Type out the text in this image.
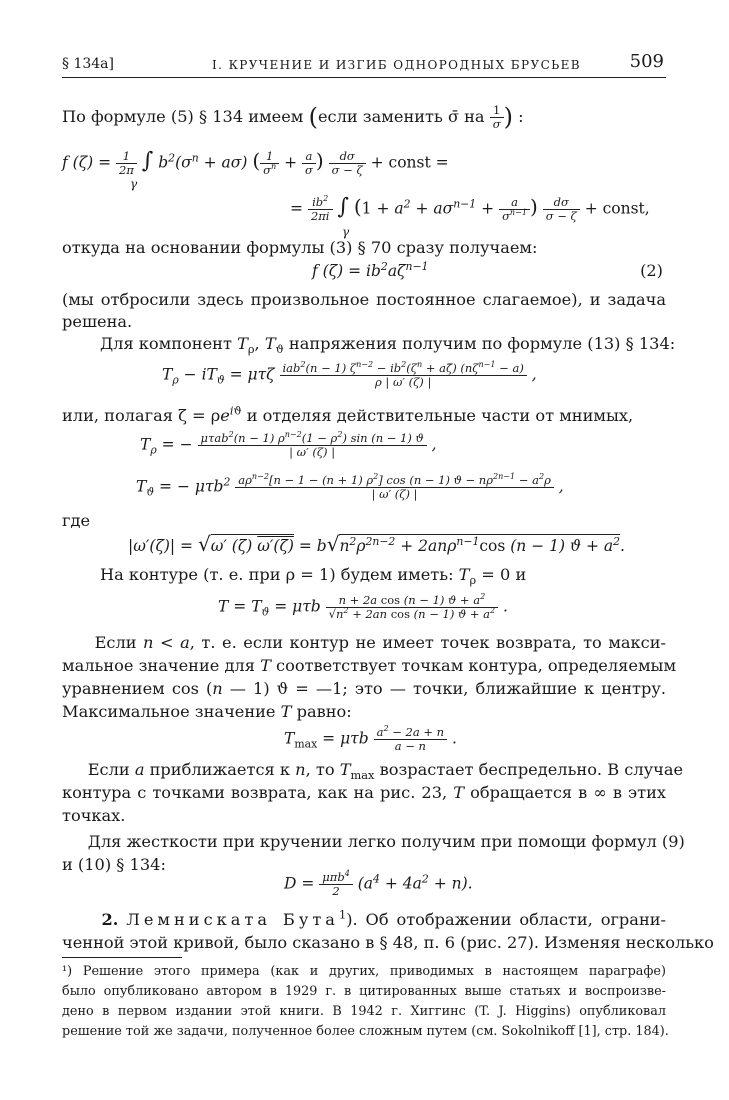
§ 134а]	I. КРУЧЕНИЕ И ИЗГИБ ОДНОРОДНЫХ БРУСЬЕВ	509
По формуле (5) § 134 имеем (если заменить σ̄ на $\frac{1}{\sigma}$ ) :
f $(\zeta) = \frac{1}{2\pi}$ ∫ $b^2(\sigma^n + a\sigma)$ ( $\frac{1}{\sigma^n} + \frac{a}{\sigma}$ ) $\frac{d\sigma}{\sigma - \zeta}$ + const =
γ
= $\frac{ib^2}{2\pi i}$ ∫ ($1 + a^2 + a\sigma^{n-1} + \frac{a}{\sigma^{n-1}}$ ) $\frac{d\sigma}{\sigma - \zeta}$ + const,
γ
откуда на основании формулы (3) § 70 сразу получаем:
f $(\zeta) = ib^2a\zeta^{n-1}$	(2)
(мы отбросили здесь произвольное постоянное слагаемое), и задача
решена.
Для компонент $T_\rho$, $T_ϑ$ напряжения получим по формуле (13) § 134:
$T_\rho - iT_ϑ = \mu\tau\zeta \frac{iab^2(n - 1) \zeta^{n-2} - ib^2(\zeta^n + a\zetā) (n\zeta^{n-1} - a)}{\rho | \omega' (\zeta) |}$ ,
или, полагая $\zeta = \rho e^{iϑ}$ и отделяя действительные части от мнимых,
$T_\rho$ = − $\frac{\mu\tau ab^2(n - 1) \rho^{n-2}(1 - \rho^2) \sin (n - 1) ϑ}{| \omega' (\zeta) |}$ ,
$T_ϑ$ = − $\mu\tau b^2 \frac{a\rho^{n-2}[n - 1 - (n + 1) \rho^2] \cos (n - 1) ϑ - n\rho^{2n-1} - a^2\rho}{| \omega' (\zeta) |}$ ,
где
|ω′(ζ)| = √ω′ (ζ) $\omega'(\zeta) = b√n^2\rho^{2n-2} + 2an\rho^{n-1}\cos$ (n − 1) $ϑ + a^2$.
На контуре (т. е. при ρ = 1) будем иметь: $T_\rho = 0$ и
$T = T_ϑ = \mu\tau b \frac{n + 2a \cos (n - 1) ϑ + a^2}{√n^2 + 2an \cos (n - 1) ϑ + a^2}$ .
Если n < a, т. е. если контур не имеет точек возврата, то макси-
мальное значение для T соответствует точкам контура, определяемым
уравнением cos (n — 1) ϑ = —1; это — точки, ближайшие к центру.
Максимальное значение T равно:
$T_{max} = \mu\tau b \frac{a^2 - 2a + n}{a - n}$ .
Если a приближается к n, то $T_{max}$ возрастает беспредельно. В случае
контура с точками возврата, как на рис. 23, T обращается в ∞ в этих
точках.
Для жесткости при кручении легко получим при помощи формул (9)
и (10) § 134:
$D = \frac{\mu\pi b^4}{2} (a^4 + 4a^2 + n)$.
2. Лемниската Бута$^1$). Об отображении области, ограни-
ченной этой кривой, было сказано в § 48, п. 6 (рис. 27). Изменяя несколько
¹) Решение этого примера (как и других, приводимых в настоящем параграфе)
было опубликовано автором в 1929 г. в цитированных выше статьях и воспроизве-
дено в первом издании этой книги. В 1942 г. Хиггинс (T. J. Higgins) опубликовал
решение той же задачи, полученное более сложным путем (см. Sokolnikoff [1], стр. 184).
